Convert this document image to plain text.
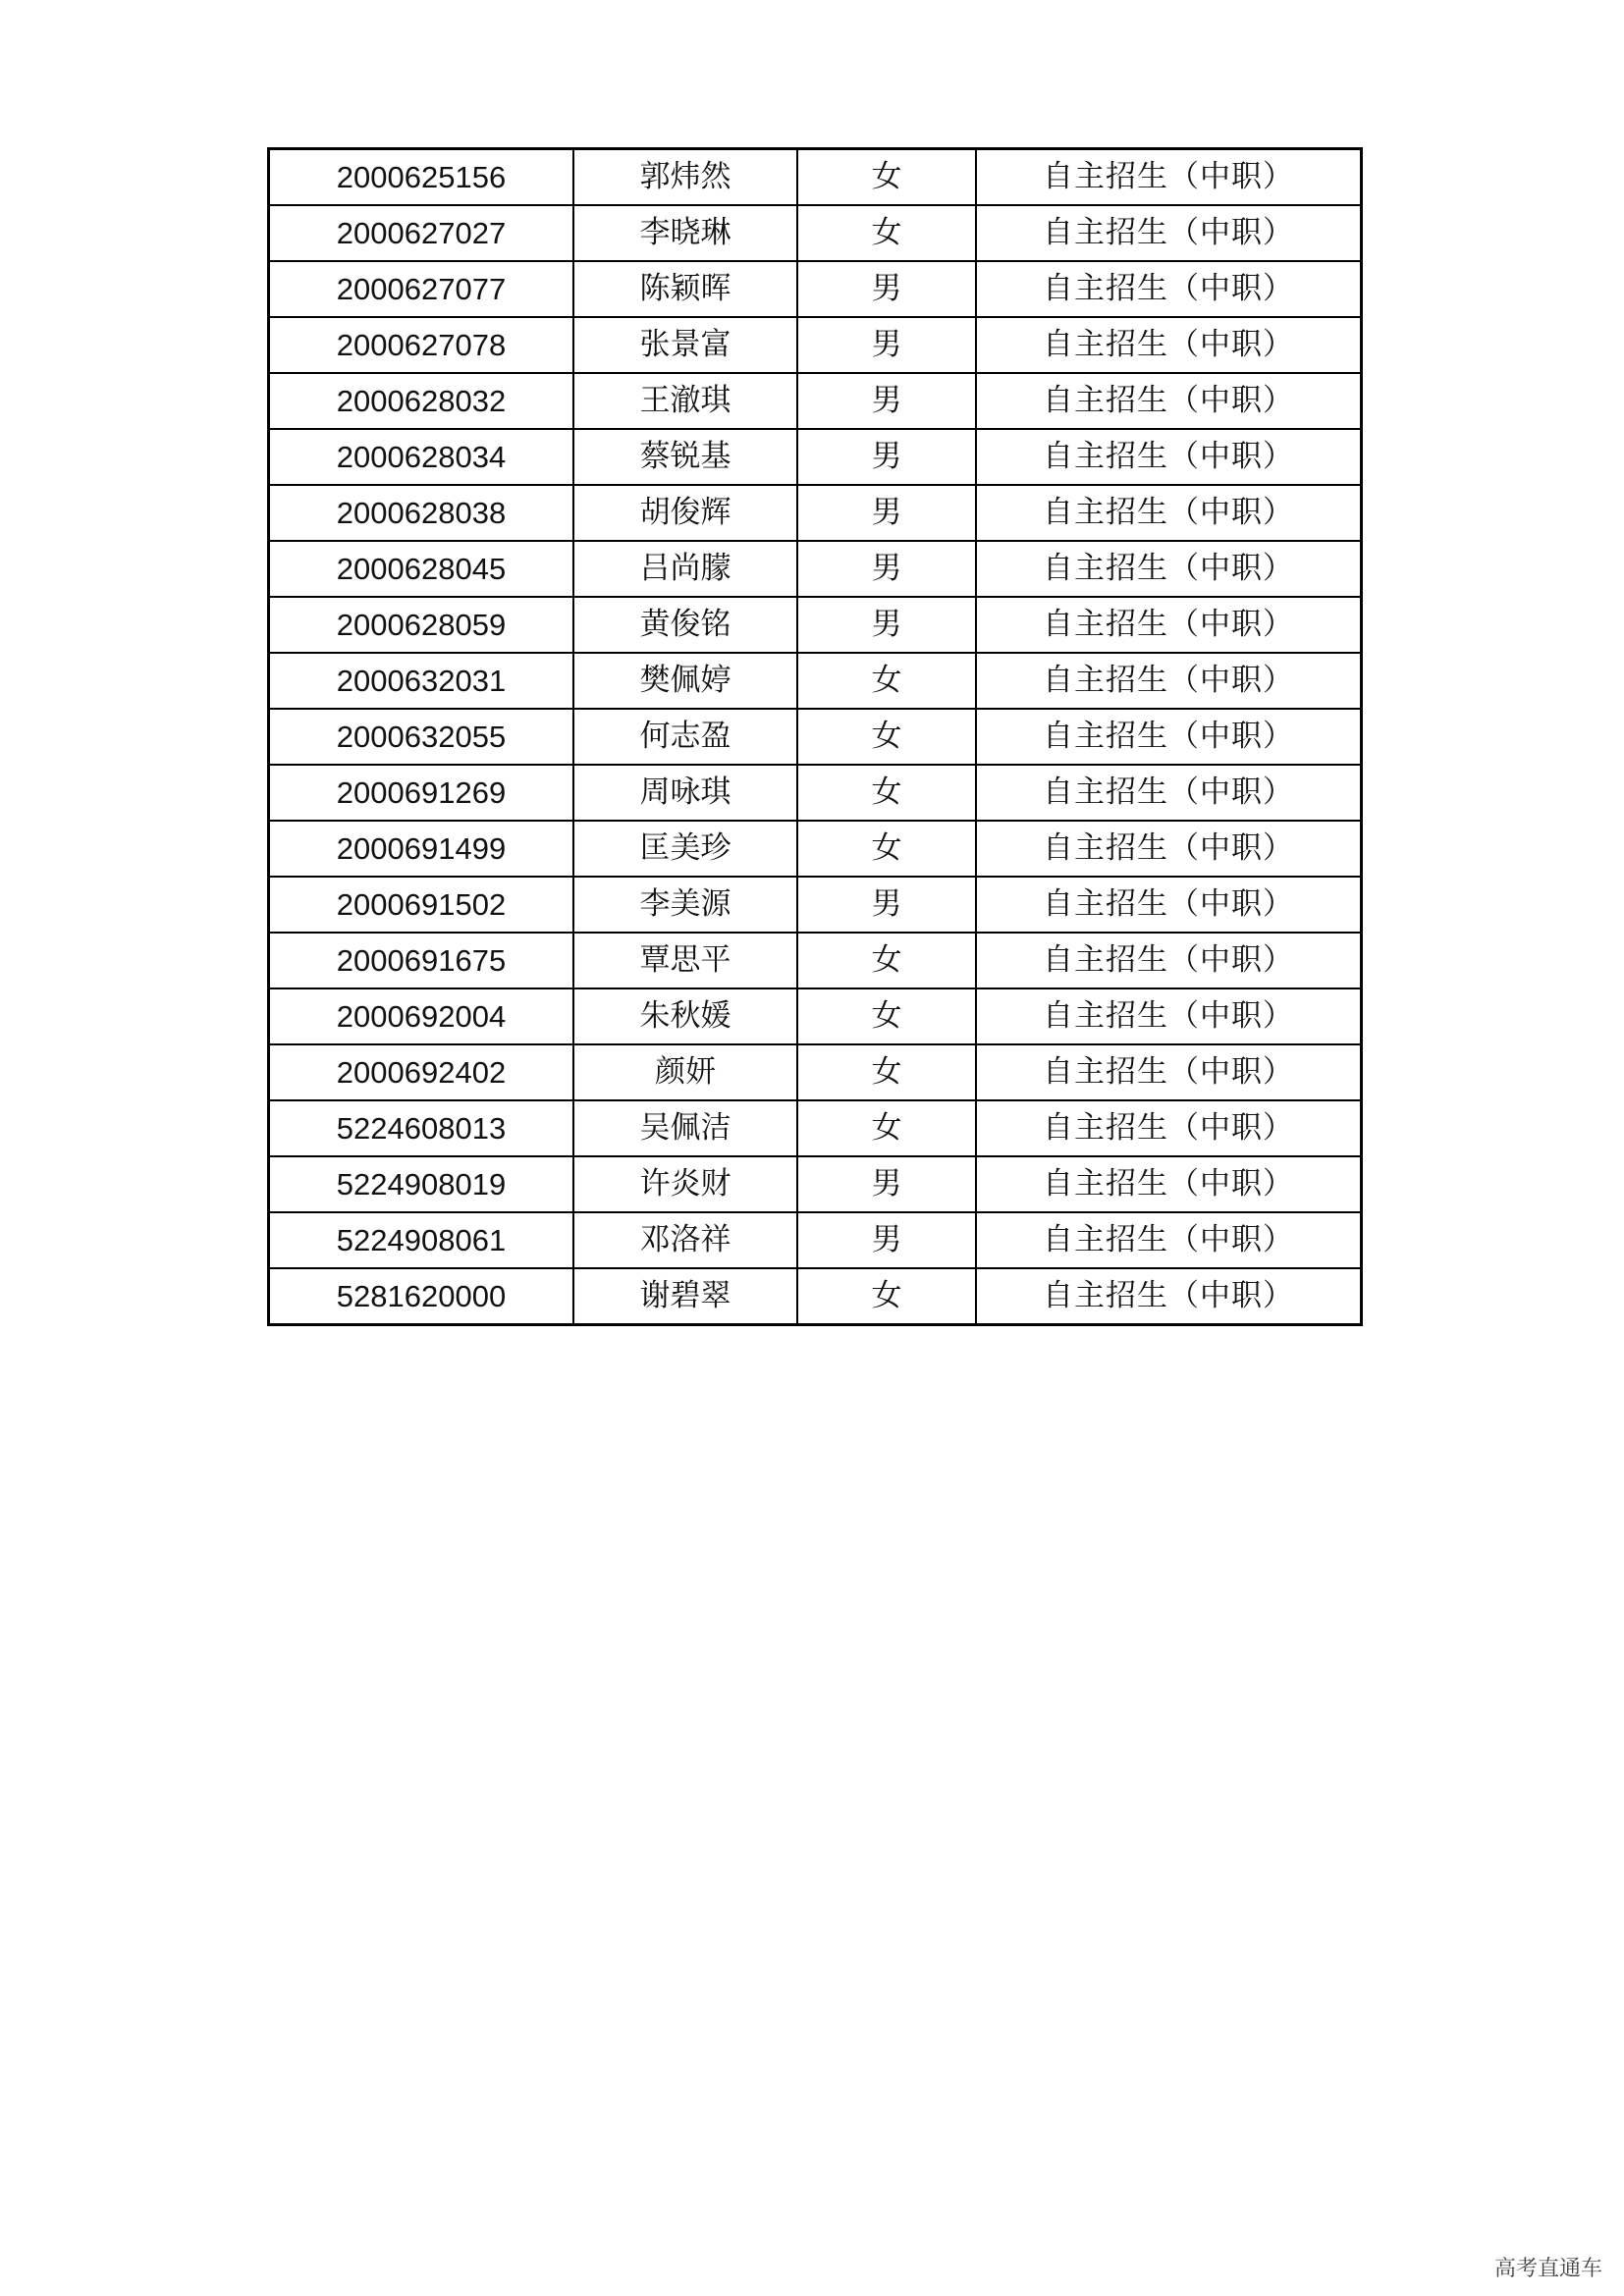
2000625156	郭炜然	女	自主招生（中职）
2000627027	李晓琳	女	自主招生（中职）
2000627077	陈颖晖	男	自主招生（中职）
2000627078	张景富	男	自主招生（中职）
2000628032	王澈琪	男	自主招生（中职）
2000628034	蔡锐基	男	自主招生（中职）
2000628038	胡俊辉	男	自主招生（中职）
2000628045	吕尚朦	男	自主招生（中职）
2000628059	黄俊铭	男	自主招生（中职）
2000632031	樊佩婷	女	自主招生（中职）
2000632055	何志盈	女	自主招生（中职）
2000691269	周咏琪	女	自主招生（中职）
2000691499	匡美珍	女	自主招生（中职）
2000691502	李美源	男	自主招生（中职）
2000691675	覃思平	女	自主招生（中职）
2000692004	朱秋媛	女	自主招生（中职）
2000692402	颜妍	女	自主招生（中职）
5224608013	吴佩洁	女	自主招生（中职）
5224908019	许炎财	男	自主招生（中职）
5224908061	邓洛祥	男	自主招生（中职）
5281620000	谢碧翠	女	自主招生（中职）
高考直通车
